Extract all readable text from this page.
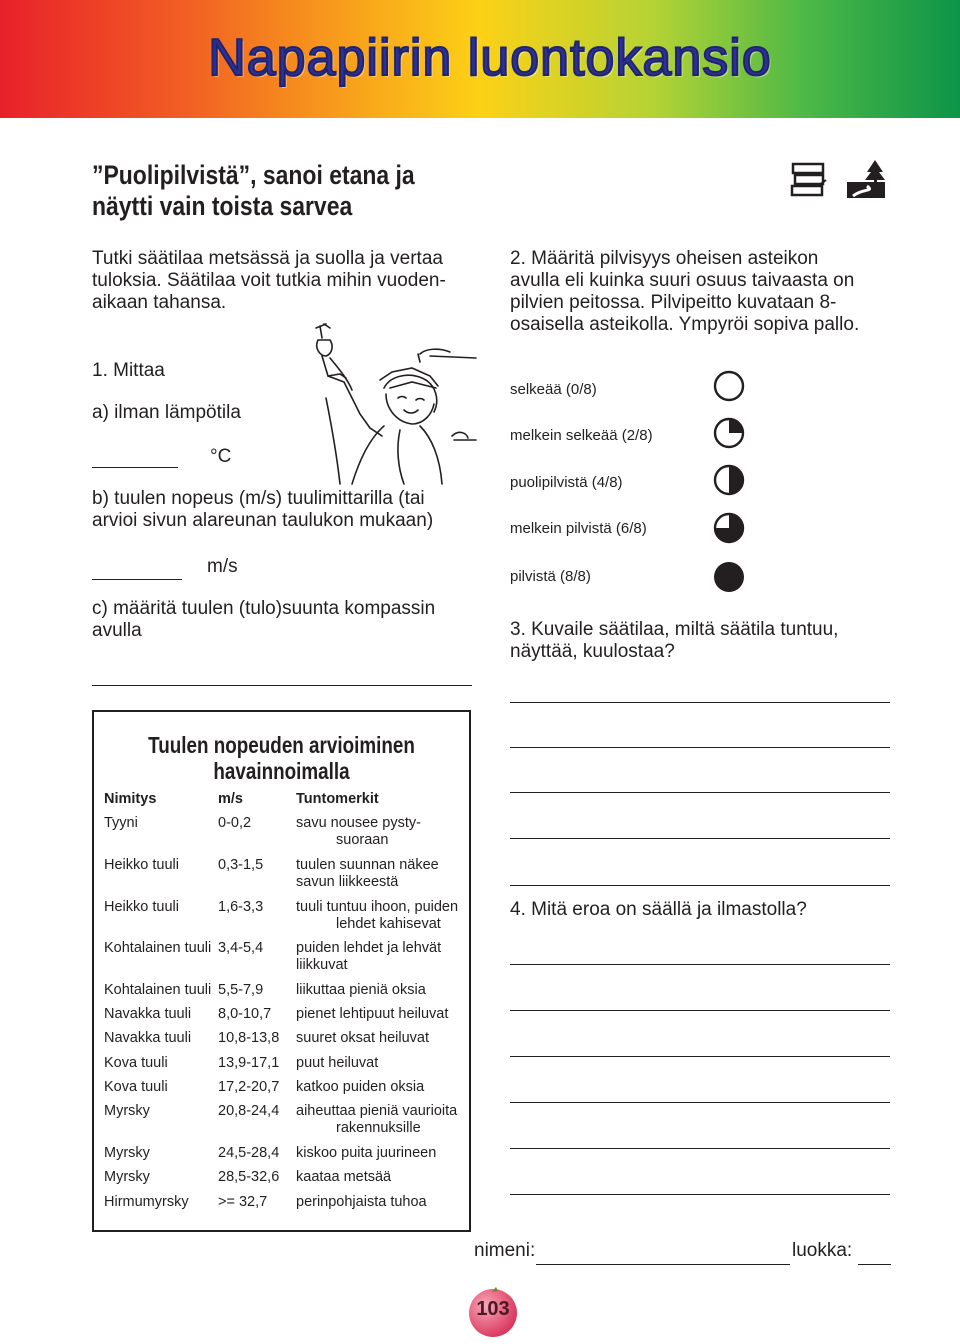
Napapiirin luontokansio
”Puolipilvistä”, sanoi etana ja
näytti vain toista sarvea
Tutki säätilaa metsässä ja suolla ja vertaa
tuloksia. Säätilaa voit tutkia mihin vuoden-
aikaan tahansa.
1. Mittaa
a) ilman lämpötila
°C
b) tuulen nopeus (m/s) tuulimittarilla (tai
arvioi sivun alareunan taulukon mukaan)
m/s
c) määritä tuulen (tulo)suunta kompassin
avulla
2. Määritä pilvisyys oheisen asteikon
avulla eli kuinka suuri osuus taivaasta on
pilvien peitossa. Pilvipeitto kuvataan 8-
osaisella asteikolla. Ympyröi sopiva pallo.
selkeää (0/8)
melkein selkeää (2/8)
puolipilvistä (4/8)
melkein pilvistä (6/8)
pilvistä (8/8)
3. Kuvaile säätilaa, miltä säätila tuntuu,
näyttää, kuulostaa?
4. Mitä eroa on säällä ja ilmastolla?
Tuulen nopeuden arvioiminen
havainnoimalla
Nimitys	m/s	Tuntomerkit
Tyyni	0-0,2	savu nousee pysty-
suoraan
Heikko tuuli	0,3-1,5 tuulen suunnan näkee
savun liikkeestä
Heikko tuuli	1,6-3,3 tuuli tuntuu ihoon, puiden
lehdet kahisevat
Kohtalainen tuuli 3,4-5,4 puiden lehdet ja lehvät
liikkuvat
Kohtalainen tuuli 5,5-7,9 liikuttaa pieniä oksia
Navakka tuuli 8,0-10,7 pienet lehtipuut heiluvat
Navakka tuuli 10,8-13,8 suuret oksat heiluvat
Kova tuuli	13,9-17,1 puut heiluvat
Kova tuuli	17,2-20,7 katkoo puiden oksia
Myrsky	20,8-24,4 aiheuttaa pieniä vaurioita
rakennuksille
Myrsky	24,5-28,4 kiskoo puita juurineen
Myrsky	28,5-32,6 kaataa metsää
Hirmumyrsky >= 32,7 perinpohjaista tuhoa
nimeni:	luokka:
103
